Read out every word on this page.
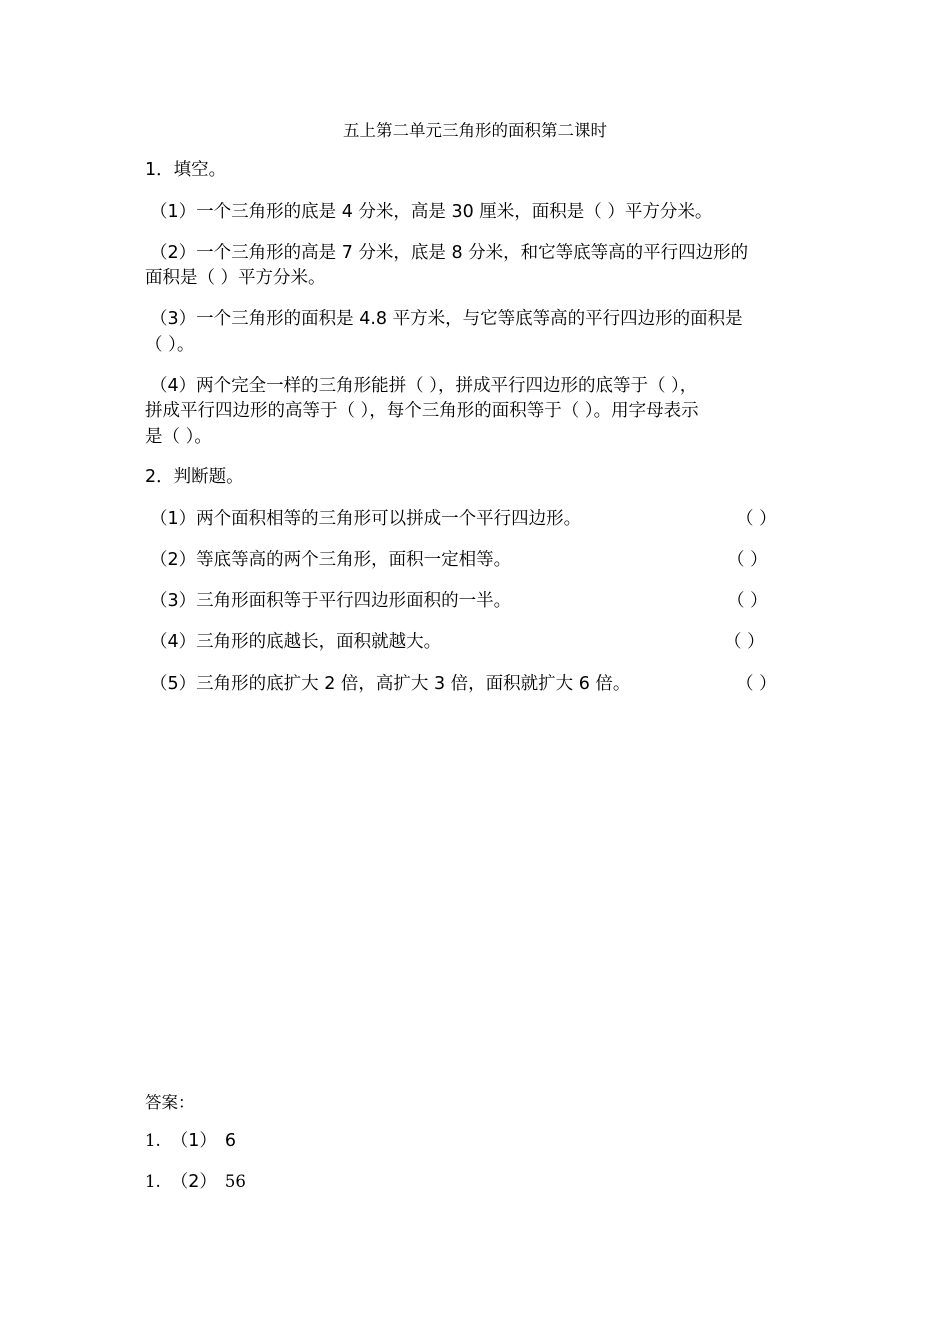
五上第二单元三角形的面积第二课时
1．填空。
（1）一个三角形的底是 4 分米，高是 30 厘米，面积是（ ）平方分米。
（2）一个三角形的高是 7 分米，底是 8 分米，和它等底等高的平行四边形的
面积是（ ）平方分米。
（3）一个三角形的面积是 4.8 平方米，与它等底等高的平行四边形的面积是
（ ）。
（4）两个完全一样的三角形能拼（ ），拼成平行四边形的底等于（ ），
拼成平行四边形的高等于（ ），每个三角形的面积等于（ ）。用字母表示
是（ ）。
2．判断题。
（1）两个面积相等的三角形可以拼成一个平行四边形。	（ ）
（2）等底等高的两个三角形，面积一定相等。	（ ）
（3）三角形面积等于平行四边形面积的一半。	（ ）
（4）三角形的底越长，面积就越大。	（ ）
（5）三角形的底扩大 2 倍，高扩大 3 倍，面积就扩大 6 倍。	（ ）
答案：
1. （1） 6
1. （2） 56
